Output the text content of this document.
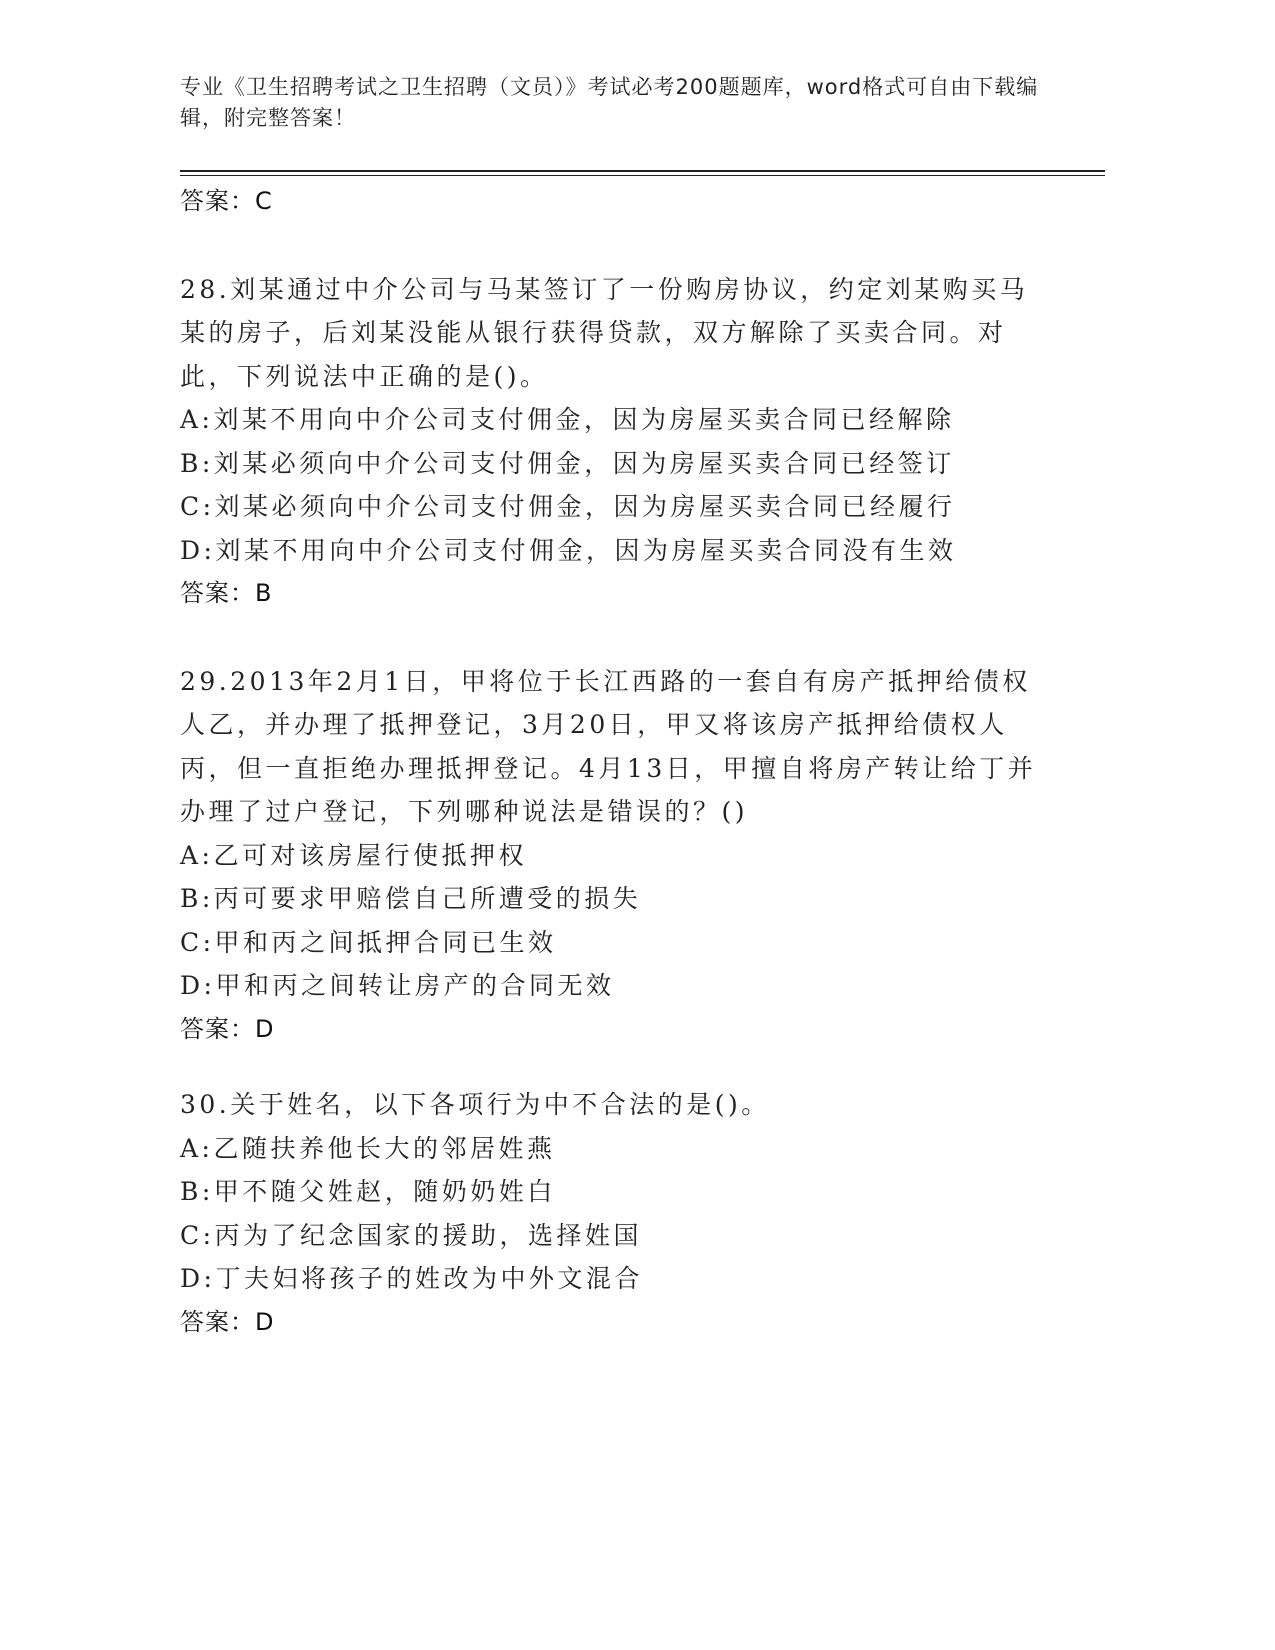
专业《卫生招聘考试之卫生招聘（文员）》考试必考200题题库，word格式可自由下载编辑，附完整答案！
答案：C
28.刘某通过中介公司与马某签订了一份购房协议，约定刘某购买马某的房子，后刘某没能从银行获得贷款，双方解除了买卖合同。对此，下列说法中正确的是()。
A:刘某不用向中介公司支付佣金，因为房屋买卖合同已经解除
B:刘某必须向中介公司支付佣金，因为房屋买卖合同已经签订
C:刘某必须向中介公司支付佣金，因为房屋买卖合同已经履行
D:刘某不用向中介公司支付佣金，因为房屋买卖合同没有生效
答案：B
29.2013年2月1日，甲将位于长江西路的一套自有房产抵押给债权人乙，并办理了抵押登记，3月20日，甲又将该房产抵押给债权人丙，但一直拒绝办理抵押登记。4月13日，甲擅自将房产转让给丁并办理了过户登记，下列哪种说法是错误的？()
A:乙可对该房屋行使抵押权
B:丙可要求甲赔偿自己所遭受的损失
C:甲和丙之间抵押合同已生效
D:甲和丙之间转让房产的合同无效
答案：D
30.关于姓名，以下各项行为中不合法的是()。
A:乙随扶养他长大的邻居姓燕
B:甲不随父姓赵，随奶奶姓白
C:丙为了纪念国家的援助，选择姓国
D:丁夫妇将孩子的姓改为中外文混合
答案：D
